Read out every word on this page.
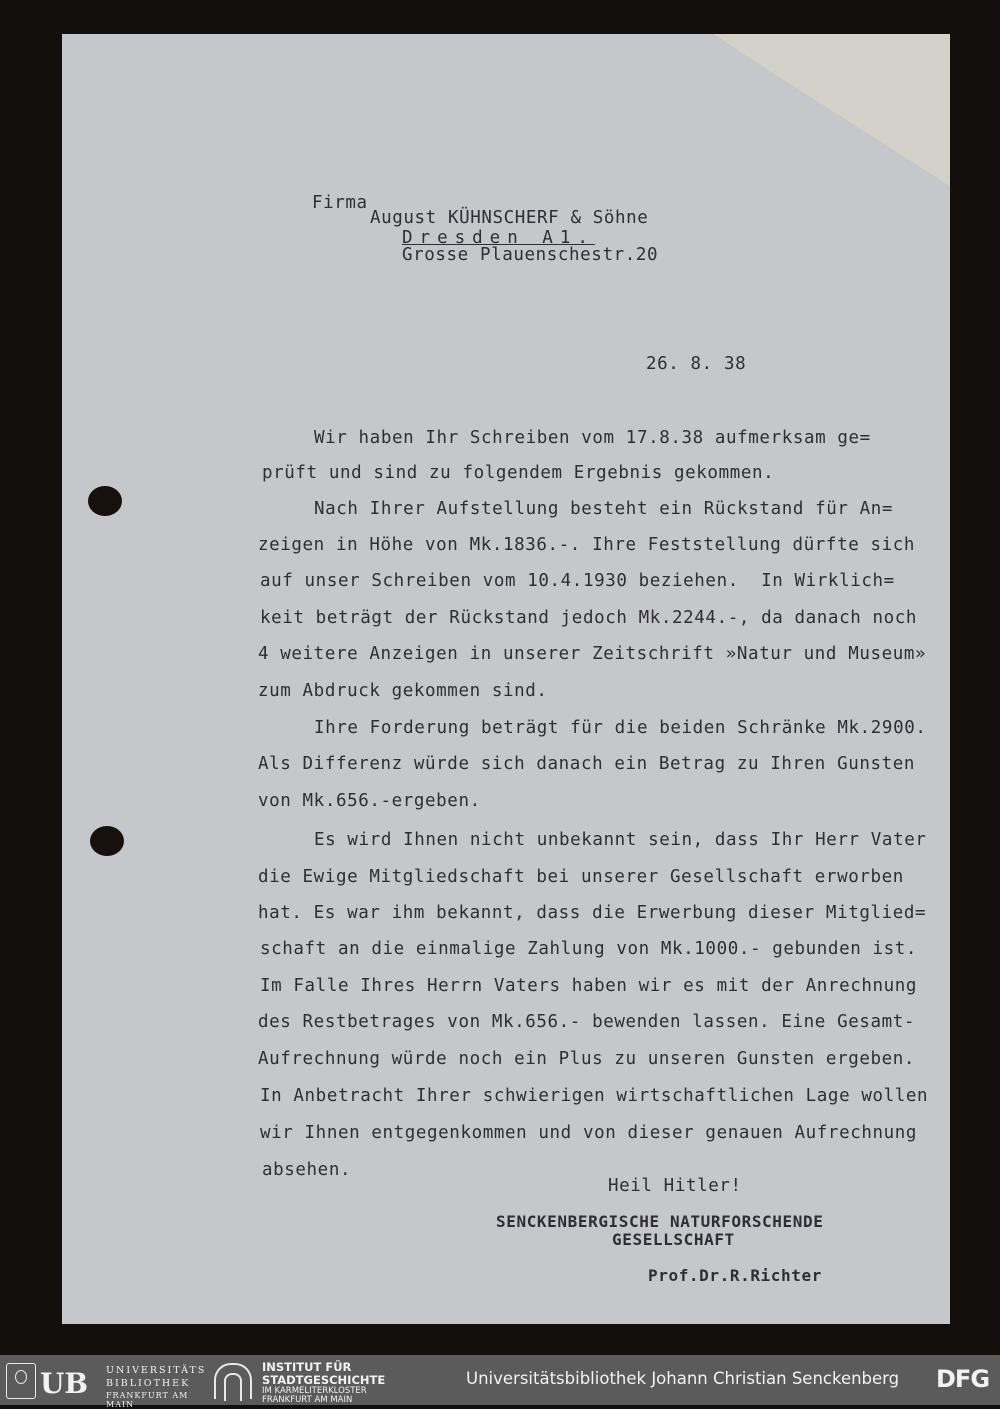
Firma
August KÜHNSCHERF & Söhne
Dresden A1.
Grosse Plauenschestr.20
26. 8. 38
Wir haben Ihr Schreiben vom 17.8.38 aufmerksam ge=
prüft und sind zu folgendem Ergebnis gekommen.
Nach Ihrer Aufstellung besteht ein Rückstand für An=
zeigen in Höhe von Mk.1836.-. Ihre Feststellung dürfte sich
auf unser Schreiben vom 10.4.1930 beziehen.  In Wirklich=
keit beträgt der Rückstand jedoch Mk.2244.-, da danach noch
4 weitere Anzeigen in unserer Zeitschrift »Natur und Museum»
zum Abdruck gekommen sind.
Ihre Forderung beträgt für die beiden Schränke Mk.2900.
Als Differenz würde sich danach ein Betrag zu Ihren Gunsten
von Mk.656.-ergeben.
Es wird Ihnen nicht unbekannt sein, dass Ihr Herr Vater
die Ewige Mitgliedschaft bei unserer Gesellschaft erworben
hat. Es war ihm bekannt, dass die Erwerbung dieser Mitglied=
schaft an die einmalige Zahlung von Mk.1000.- gebunden ist.
Im Falle Ihres Herrn Vaters haben wir es mit der Anrechnung
des Restbetrages von Mk.656.- bewenden lassen. Eine Gesamt-
Aufrechnung würde noch ein Plus zu unseren Gunsten ergeben.
In Anbetracht Ihrer schwierigen wirtschaftlichen Lage wollen
wir Ihnen entgegenkommen und von dieser genauen Aufrechnung
absehen.
Heil Hitler!
SENCKENBERGISCHE NATURFORSCHENDE
GESELLSCHAFT
Prof.Dr.R.Richter
UB UNIVERSITÄTS
BIBLIOTHEK
FRANKFURT AM MAIN
INSTITUT FÜR
STADTGESCHICHTE
IM KARMELITERKLOSTER
FRANKFURT AM MAIN
Universitätsbibliothek Johann Christian Senckenberg DFG
